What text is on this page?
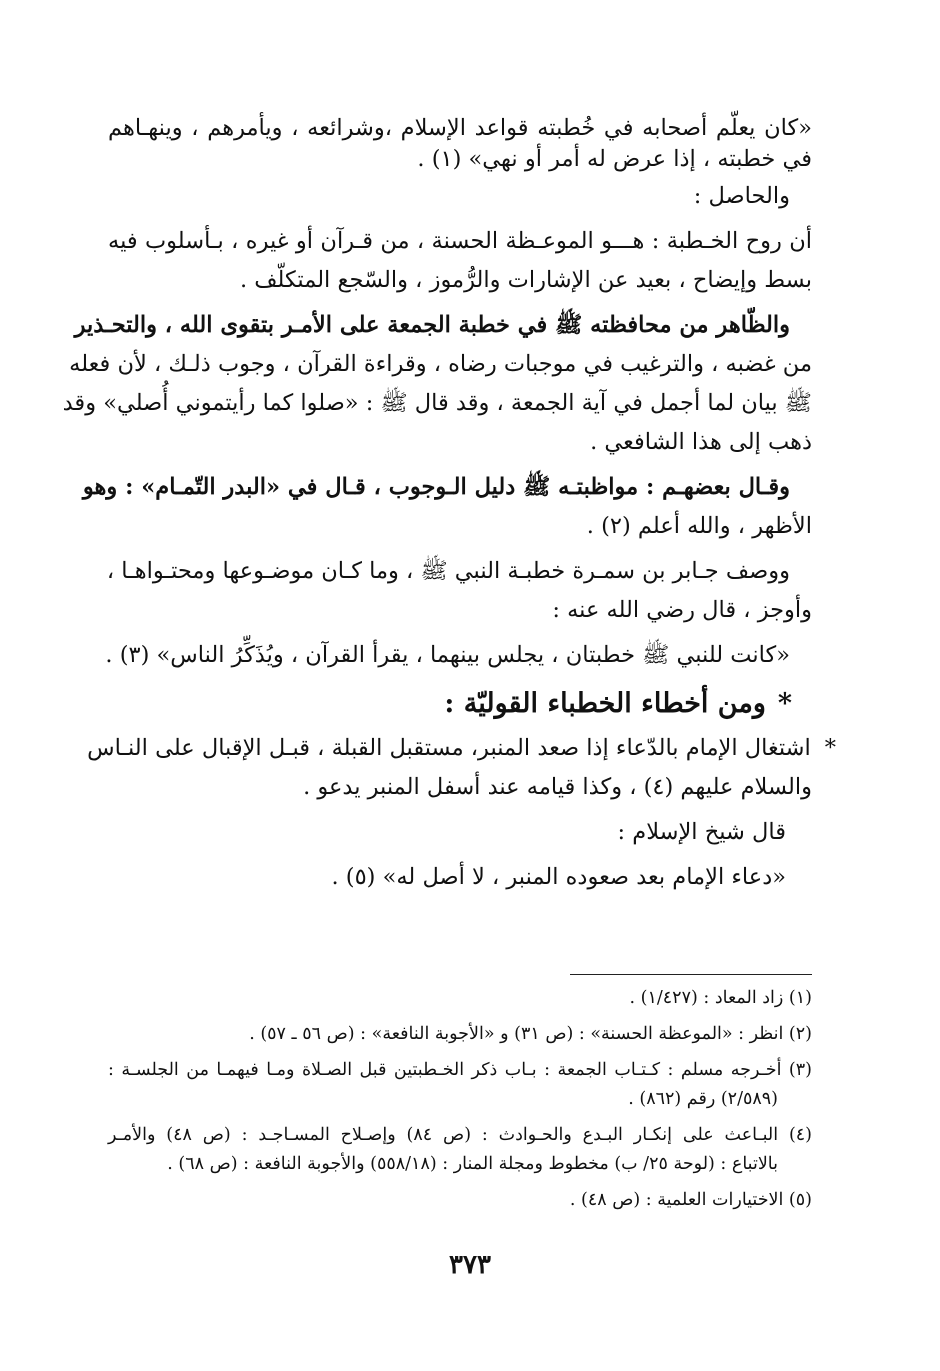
«كان يعلّم أصحابه في خُطبته قواعد الإسلام ،وشرائعه ، ويأمرهم ، وينهـاهم
في خطبته ، إذا عرض له أمر أو نهي» (١) .
والحاصل :
أن روح الخـطبة : هـــو الموعـظة الحسنة ، من قـرآن أو غيره ، بـأسلوب فيه
بسط وإيضاح ، بعيد عن الإشارات والرُّموز ، والسّجع المتكلّف .
والظّاهر من محافظته ﷺ في خطبة الجمعة على الأمـر بتقوى الله ، والتحـذير
من غضبه ، والترغيب في موجبات رضاه ، وقراءة القرآن ، وجوب ذلـك ، لأن فعله
ﷺ بيان لما أجمل في آية الجمعة ، وقد قال ﷺ : «صلوا كما رأيتموني أُصلي» وقد
ذهب إلى هذا الشافعي .
وقـال بعضهـم : مواظبتـه ﷺ دليل الـوجوب ، قـال في «البدر التّمـام» : وهو
الأظهر ، والله أعلم (٢) .
ووصف جـابر بن سمـرة خطبـة النبي ﷺ ، وما كـان موضـوعها ومحتـواهـا ،
وأوجز ، قال رضي الله عنه :
«كانت للنبي ﷺ خطبتان ، يجلس بينهما ، يقرأ القرآن ، ويُذَكِّرُ الناس» (٣) .
*ومن أخطاء الخطباء القوليّة :
*اشتغال الإمام بالدّعاء إذا صعد المنبر، مستقبل القبلة ، قبـل الإقبال على النـاس
والسلام عليهم (٤) ، وكذا قيامه عند أسفل المنبر يدعو .
قال شيخ الإسلام :
«دعاء الإمام بعد صعوده المنبر ، لا أصل له» (٥) .
(١) زاد المعاد : (١/٤٢٧) .
(٢) انظر : «الموعظة الحسنة» : (ص ٣١) و «الأجوبة النافعة» : (ص ٥٦ ـ ٥٧) .
(٣) أخـرجه مسلم : كـتـاب الجمعة : بـاب ذكر الخـطبتين قبل الصـلاة ومـا فيهمـا من الجلسـة :
(٢/٥٨٩) رقم (٨٦٢) .
(٤) البـاعث على إنكـار البـدع والحـوادث : (ص ٨٤) وإصـلاح المسـاجـد : (ص ٤٨) والأمـر
بالاتباع : (لوحة ٢٥/ ب) مخطوط ومجلة المنار : (٥٥٨/١٨) والأجوبة النافعة : (ص ٦٨) .
(٥) الاختيارات العلمية : (ص ٤٨) .
٣٧٣
